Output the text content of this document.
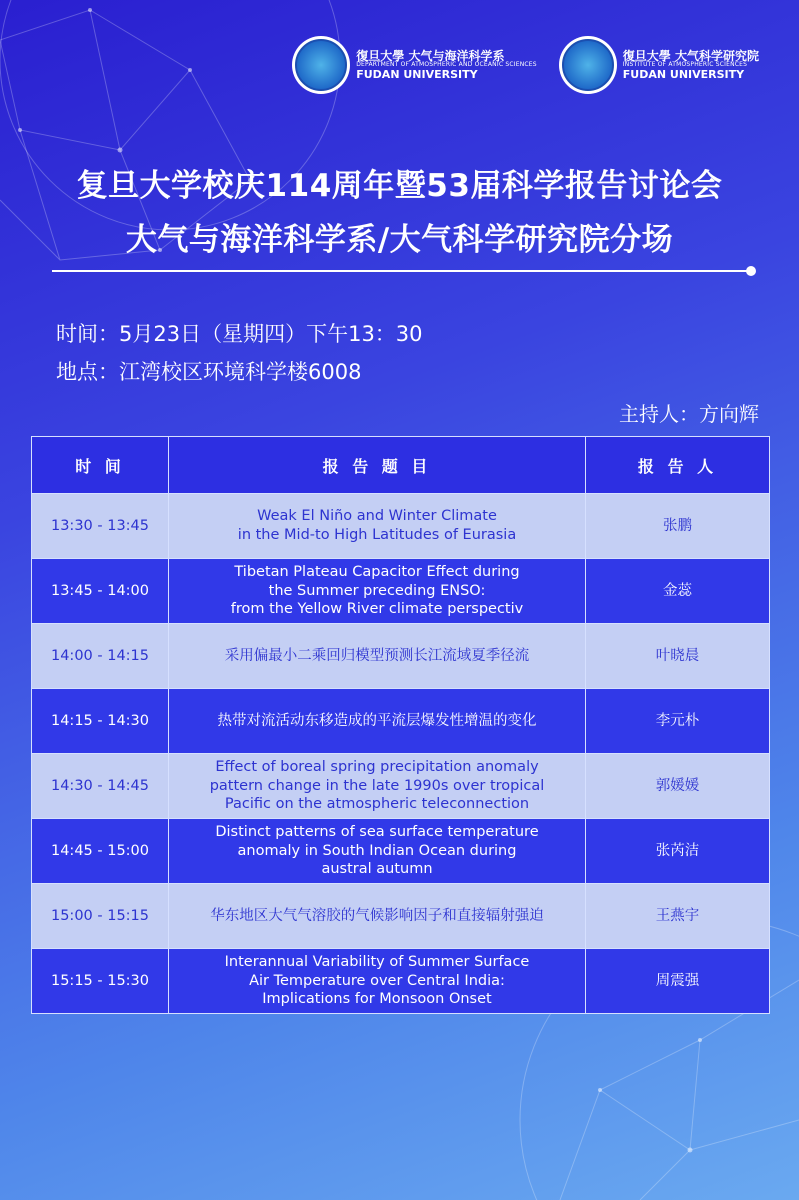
復旦大學 大气与海洋科学系
DEPARTMENT OF ATMOSPHERIC AND OCEANIC SCIENCES
FUDAN UNIVERSITY
復旦大學 大气科学研究院
INSTITUTE OF ATMOSPHERIC SCIENCES
FUDAN UNIVERSITY
复旦大学校庆114周年暨53届科学报告讨论会
大气与海洋科学系/大气科学研究院分场
时间：5月23日（星期四）下午13：30
地点：江湾校区环境科学楼6008
主持人：方向辉
时 间	报 告 题 目	报 告 人
13:30 - 13:45	Weak El Niño and Winter Climate
in the Mid-to High Latitudes of Eurasia	张鹏
13:45 - 14:00	Tibetan Plateau Capacitor Effect during
the Summer preceding ENSO:
from the Yellow River climate perspectiv	金蕊
14:00 - 14:15	采用偏最小二乘回归模型预测长江流域夏季径流	叶晓晨
14:15 - 14:30	热带对流活动东移造成的平流层爆发性增温的变化	李元朴
14:30 - 14:45	Effect of boreal spring precipitation anomaly
pattern change in the late 1990s over tropical
Pacific on the atmospheric teleconnection	郭媛媛
14:45 - 15:00	Distinct patterns of sea surface temperature
anomaly in South Indian Ocean during
austral autumn	张芮洁
15:00 - 15:15	华东地区大气气溶胶的气候影响因子和直接辐射强迫	王燕宇
15:15 - 15:30	Interannual Variability of Summer Surface
Air Temperature over Central India:
Implications for Monsoon Onset	周震强
